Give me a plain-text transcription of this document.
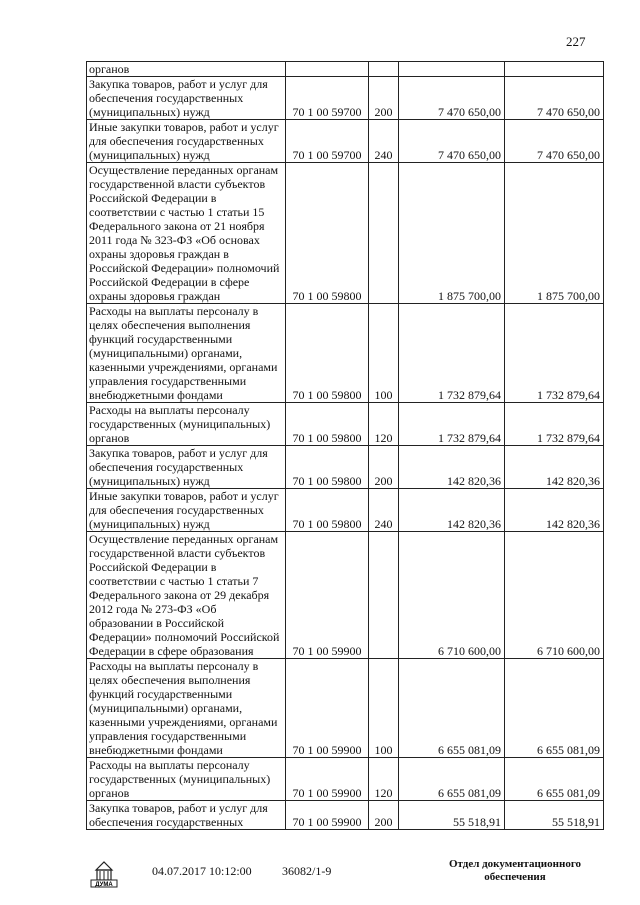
227
органов				
Закупка товаров, работ и услуг для обеспечения государственных (муниципальных) нужд	70 1 00 59700	200	7 470 650,00	7 470 650,00
Иные закупки товаров, работ и услуг для обеспечения государственных (муниципальных) нужд	70 1 00 59700	240	7 470 650,00	7 470 650,00
Осуществление переданных органам государственной власти субъектов Российской Федерации в соответствии с частью 1 статьи 15 Федерального закона от 21 ноября 2011 года № 323-ФЗ «Об основах охраны здоровья граждан в Российской Федерации» полномочий Российской Федерации в сфере охраны здоровья граждан	70 1 00 59800		1 875 700,00	1 875 700,00
Расходы на выплаты персоналу в целях обеспечения выполнения функций государственными (муниципальными) органами, казенными учреждениями, органами управления государственными внебюджетными фондами	70 1 00 59800	100	1 732 879,64	1 732 879,64
Расходы на выплаты персоналу государственных (муниципальных) органов	70 1 00 59800	120	1 732 879,64	1 732 879,64
Закупка товаров, работ и услуг для обеспечения государственных (муниципальных) нужд	70 1 00 59800	200	142 820,36	142 820,36
Иные закупки товаров, работ и услуг для обеспечения государственных (муниципальных) нужд	70 1 00 59800	240	142 820,36	142 820,36
Осуществление переданных органам государственной власти субъектов Российской Федерации в соответствии с частью 1 статьи 7 Федерального закона от 29 декабря 2012 года № 273-ФЗ «Об образовании в Российской Федерации» полномочий Российской Федерации в сфере образования	70 1 00 59900		6 710 600,00	6 710 600,00
Расходы на выплаты персоналу в целях обеспечения выполнения функций государственными (муниципальными) органами, казенными учреждениями, органами управления государственными внебюджетными фондами	70 1 00 59900	100	6 655 081,09	6 655 081,09
Расходы на выплаты персоналу государственных (муниципальных) органов	70 1 00 59900	120	6 655 081,09	6 655 081,09
Закупка товаров, работ и услуг для обеспечения государственных	70 1 00 59900	200	55 518,91	55 518,91
ДУМА
04.07.2017 10:12:00	36082/1-9	Отдел документационного обеспечения
